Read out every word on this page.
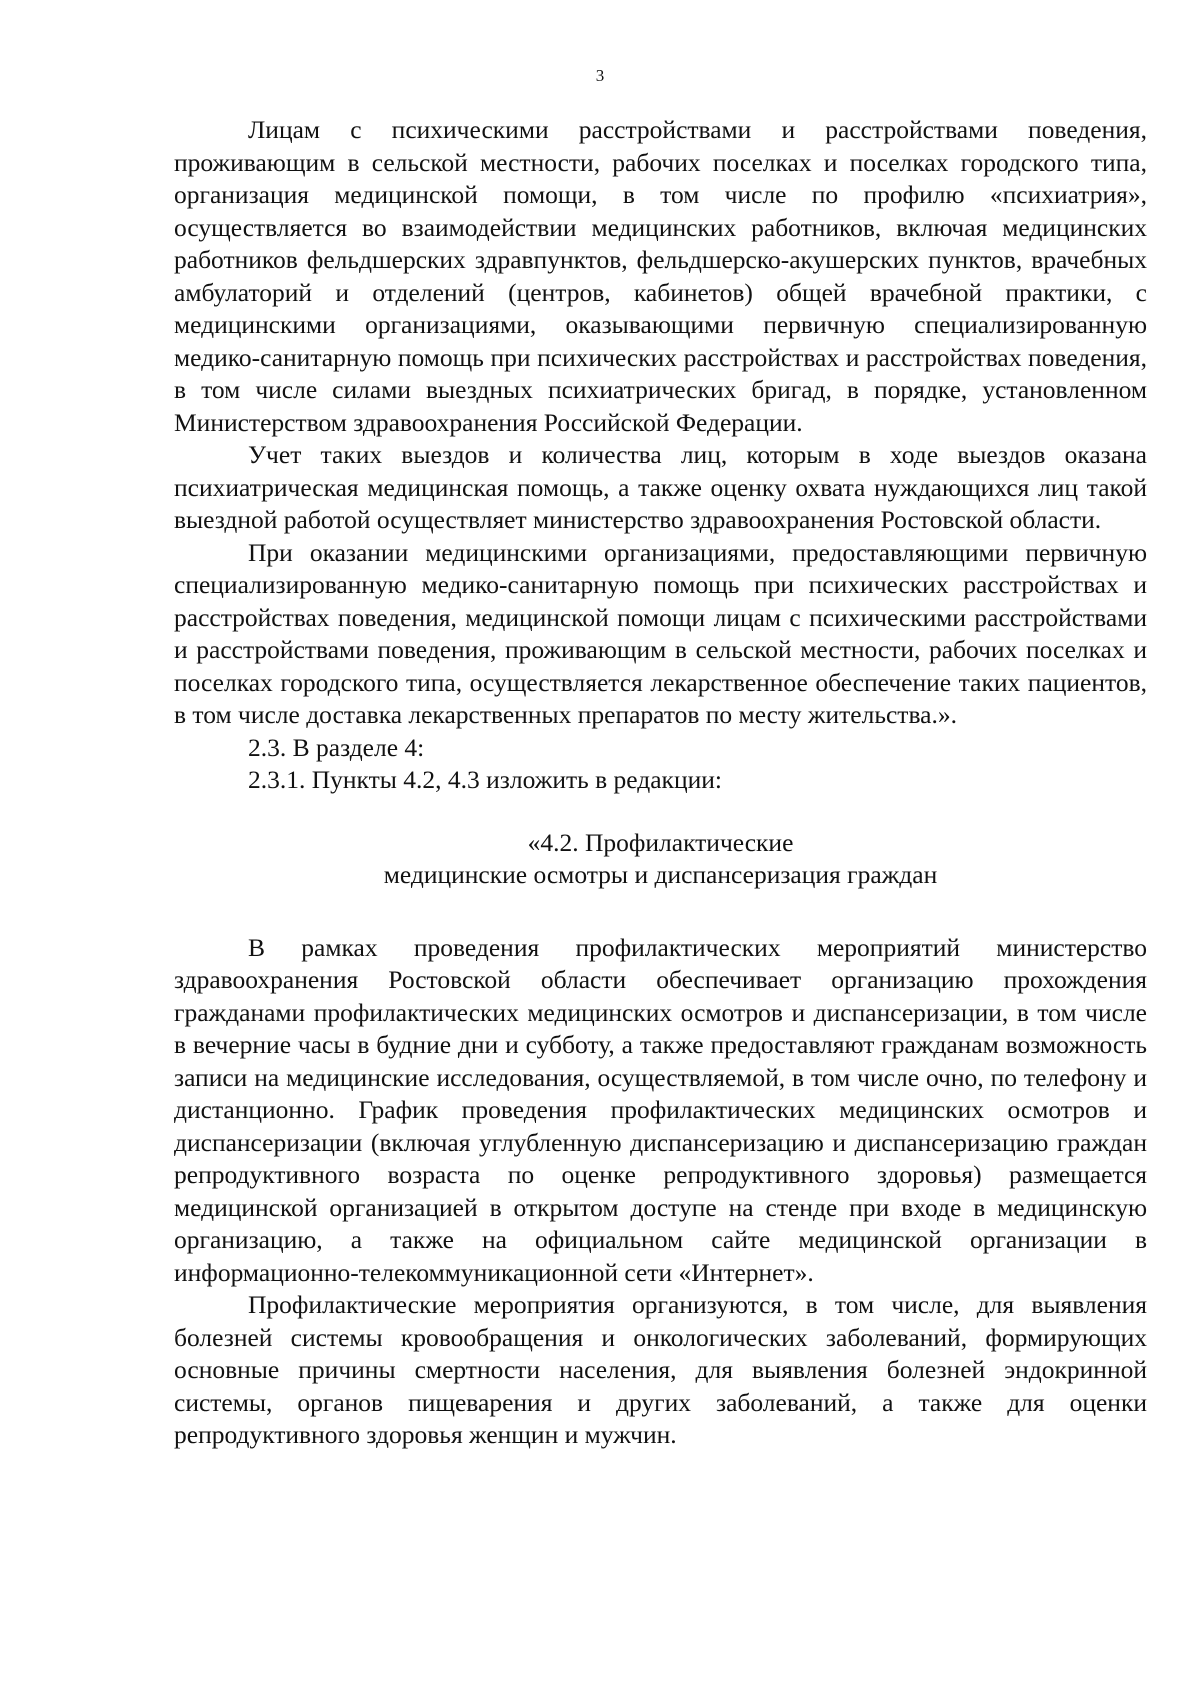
3

Лицам с психическими расстройствами и расстройствами поведения, проживающим в сельской местности, рабочих поселках и поселках городского типа, организация медицинской помощи, в том числе по профилю «психиатрия», осуществляется во взаимодействии медицинских работников, включая медицинских работников фельдшерских здравпунктов, фельдшерско-акушерских пунктов, врачебных амбулаторий и отделений (центров, кабинетов) общей врачебной практики, с медицинскими организациями, оказывающими первичную специализированную медико-санитарную помощь при психических расстройствах и расстройствах поведения, в том числе силами выездных психиатрических бригад, в порядке, установленном Министерством здравоохранения Российской Федерации.

Учет таких выездов и количества лиц, которым в ходе выездов оказана психиатрическая медицинская помощь, а также оценку охвата нуждающихся лиц такой выездной работой осуществляет министерство здравоохранения Ростовской области.

При оказании медицинскими организациями, предоставляющими первичную специализированную медико-санитарную помощь при психических расстройствах и расстройствах поведения, медицинской помощи лицам с психическими расстройствами и расстройствами поведения, проживающим в сельской местности, рабочих поселках и поселках городского типа, осуществляется лекарственное обеспечение таких пациентов, в том числе доставка лекарственных препаратов по месту жительства.».

2.3. В разделе 4:

2.3.1. Пункты 4.2, 4.3 изложить в редакции:

«4.2. Профилактические
медицинские осмотры и диспансеризация граждан

В рамках проведения профилактических мероприятий министерство здравоохранения Ростовской области обеспечивает организацию прохождения гражданами профилактических медицинских осмотров и диспансеризации, в том числе в вечерние часы в будние дни и субботу, а также предоставляют гражданам возможность записи на медицинские исследования, осуществляемой, в том числе очно, по телефону и дистанционно. График проведения профилактических медицинских осмотров и диспансеризации (включая углубленную диспансеризацию и диспансеризацию граждан репродуктивного возраста по оценке репродуктивного здоровья) размещается медицинской организацией в открытом доступе на стенде при входе в медицинскую организацию, а также на официальном сайте медицинской организации в информационно-телекоммуникационной сети «Интернет».

Профилактические мероприятия организуются, в том числе, для выявления болезней системы кровообращения и онкологических заболеваний, формирующих основные причины смертности населения, для выявления болезней эндокринной системы, органов пищеварения и других заболеваний, а также для оценки репродуктивного здоровья женщин и мужчин.
